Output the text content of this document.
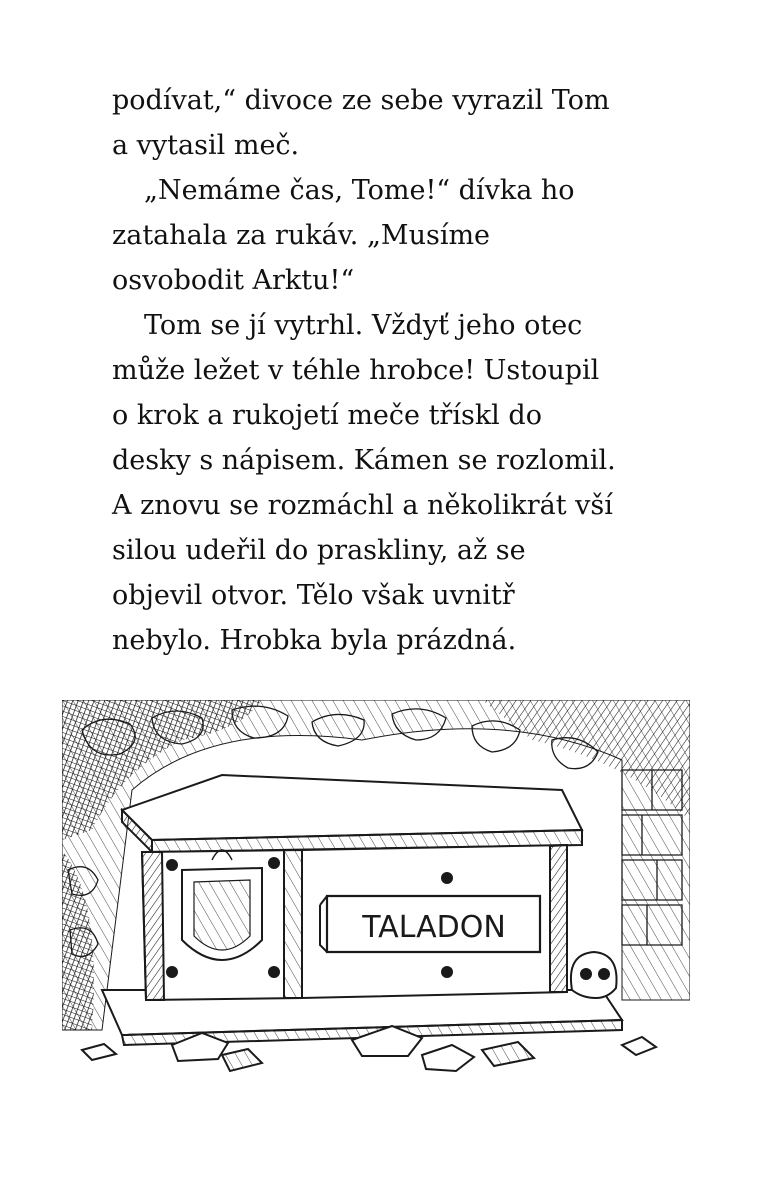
podívat,“ divoce ze sebe vyrazil Tom
a vytasil meč.
„Nemáme čas, Tome!“ dívka ho
zatahala za rukáv. „Musíme
osvobodit Arktu!“
Tom se jí vytrhl. Vždyť jeho otec
může ležet v téhle hrobce! Ustoupil
o krok a rukojetí meče třískl do
desky s nápisem. Kámen se rozlomil.
A znovu se rozmáchl a několikrát vší
silou udeřil do praskliny, až se
objevil otvor. Tělo však uvnitř
nebylo. Hrobka byla prázdná.
TALADON
